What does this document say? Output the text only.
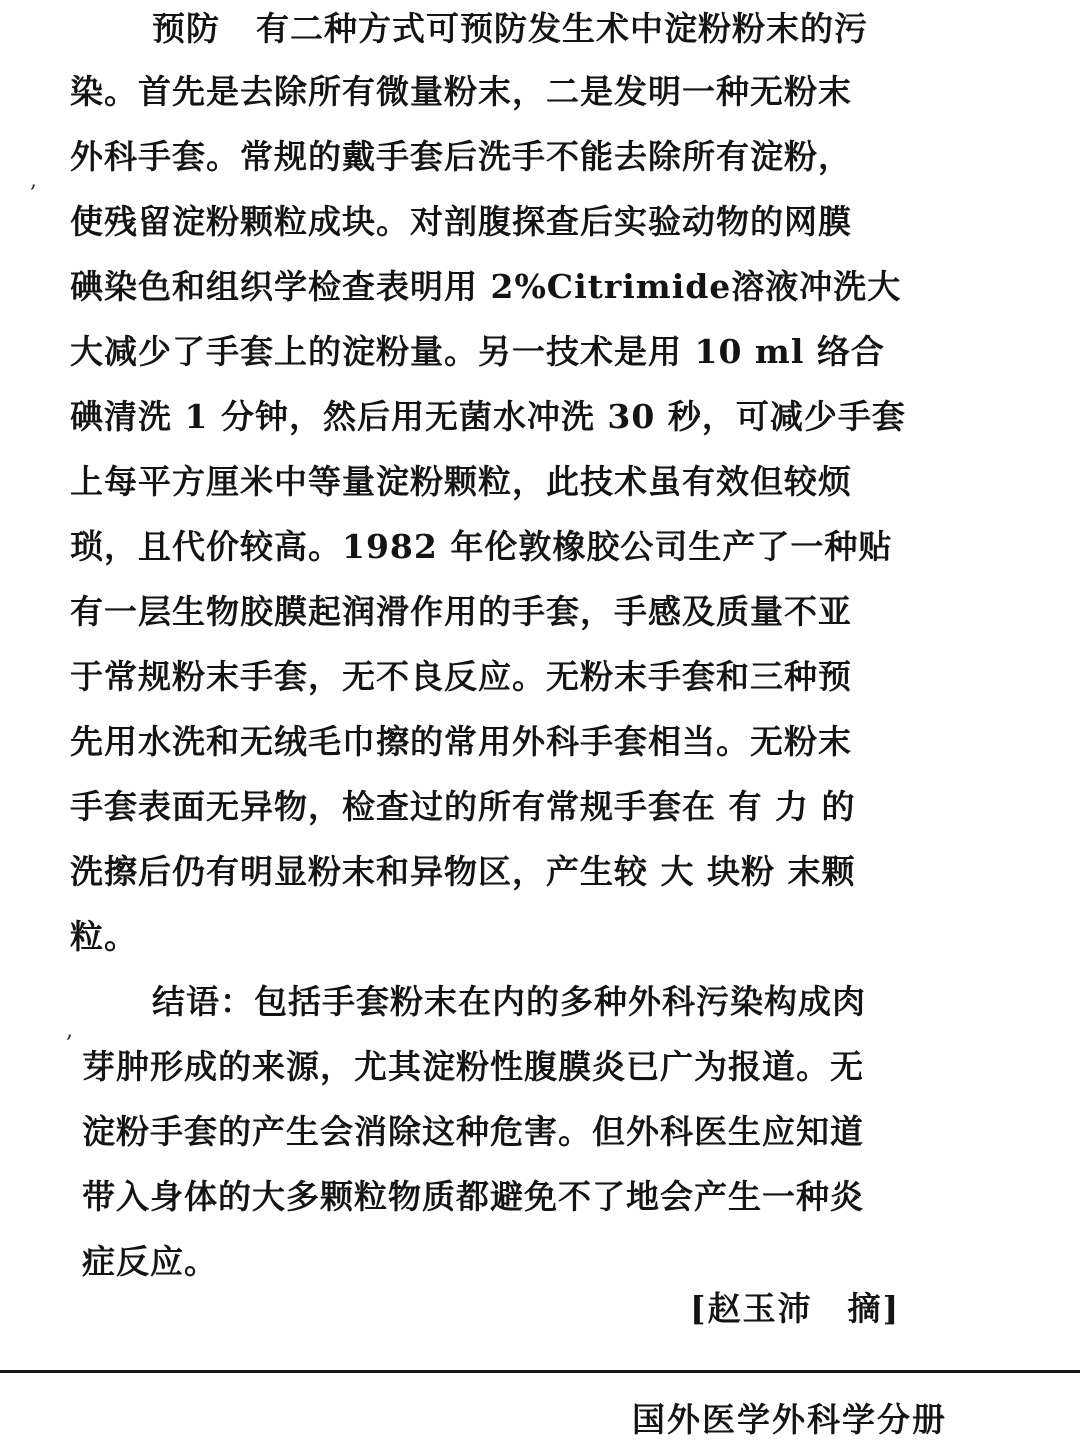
,
,
预防 有二种方式可预防发生术中淀粉粉末的污
染。首先是去除所有微量粉末，二是发明一种无粉末
外科手套。常规的戴手套后洗手不能去除所有淀粉，
使残留淀粉颗粒成块。对剖腹探查后实验动物的网膜
碘染色和组织学检查表明用 2%Citrimide溶液冲洗大
大减少了手套上的淀粉量。另一技术是用 10 ml 络合
碘清洗 1 分钟，然后用无菌水冲洗 30 秒，可减少手套
上每平方厘米中等量淀粉颗粒，此技术虽有效但较烦
琐，且代价较高。1982 年伦敦橡胶公司生产了一种贴
有一层生物胶膜起润滑作用的手套，手感及质量不亚
于常规粉末手套，无不良反应。无粉末手套和三种预
先用水洗和无绒毛巾擦的常用外科手套相当。无粉末
手套表面无异物，检查过的所有常规手套在 有 力 的
洗擦后仍有明显粉末和异物区，产生较 大 块粉 末颗
粒。
结语：包括手套粉末在内的多种外科污染构成肉
芽肿形成的来源，尤其淀粉性腹膜炎已广为报道。无
淀粉手套的产生会消除这种危害。但外科医生应知道
带入身体的大多颗粒物质都避免不了地会产生一种炎
症反应。
[赵玉沛　摘]
国外医学外科学分册
